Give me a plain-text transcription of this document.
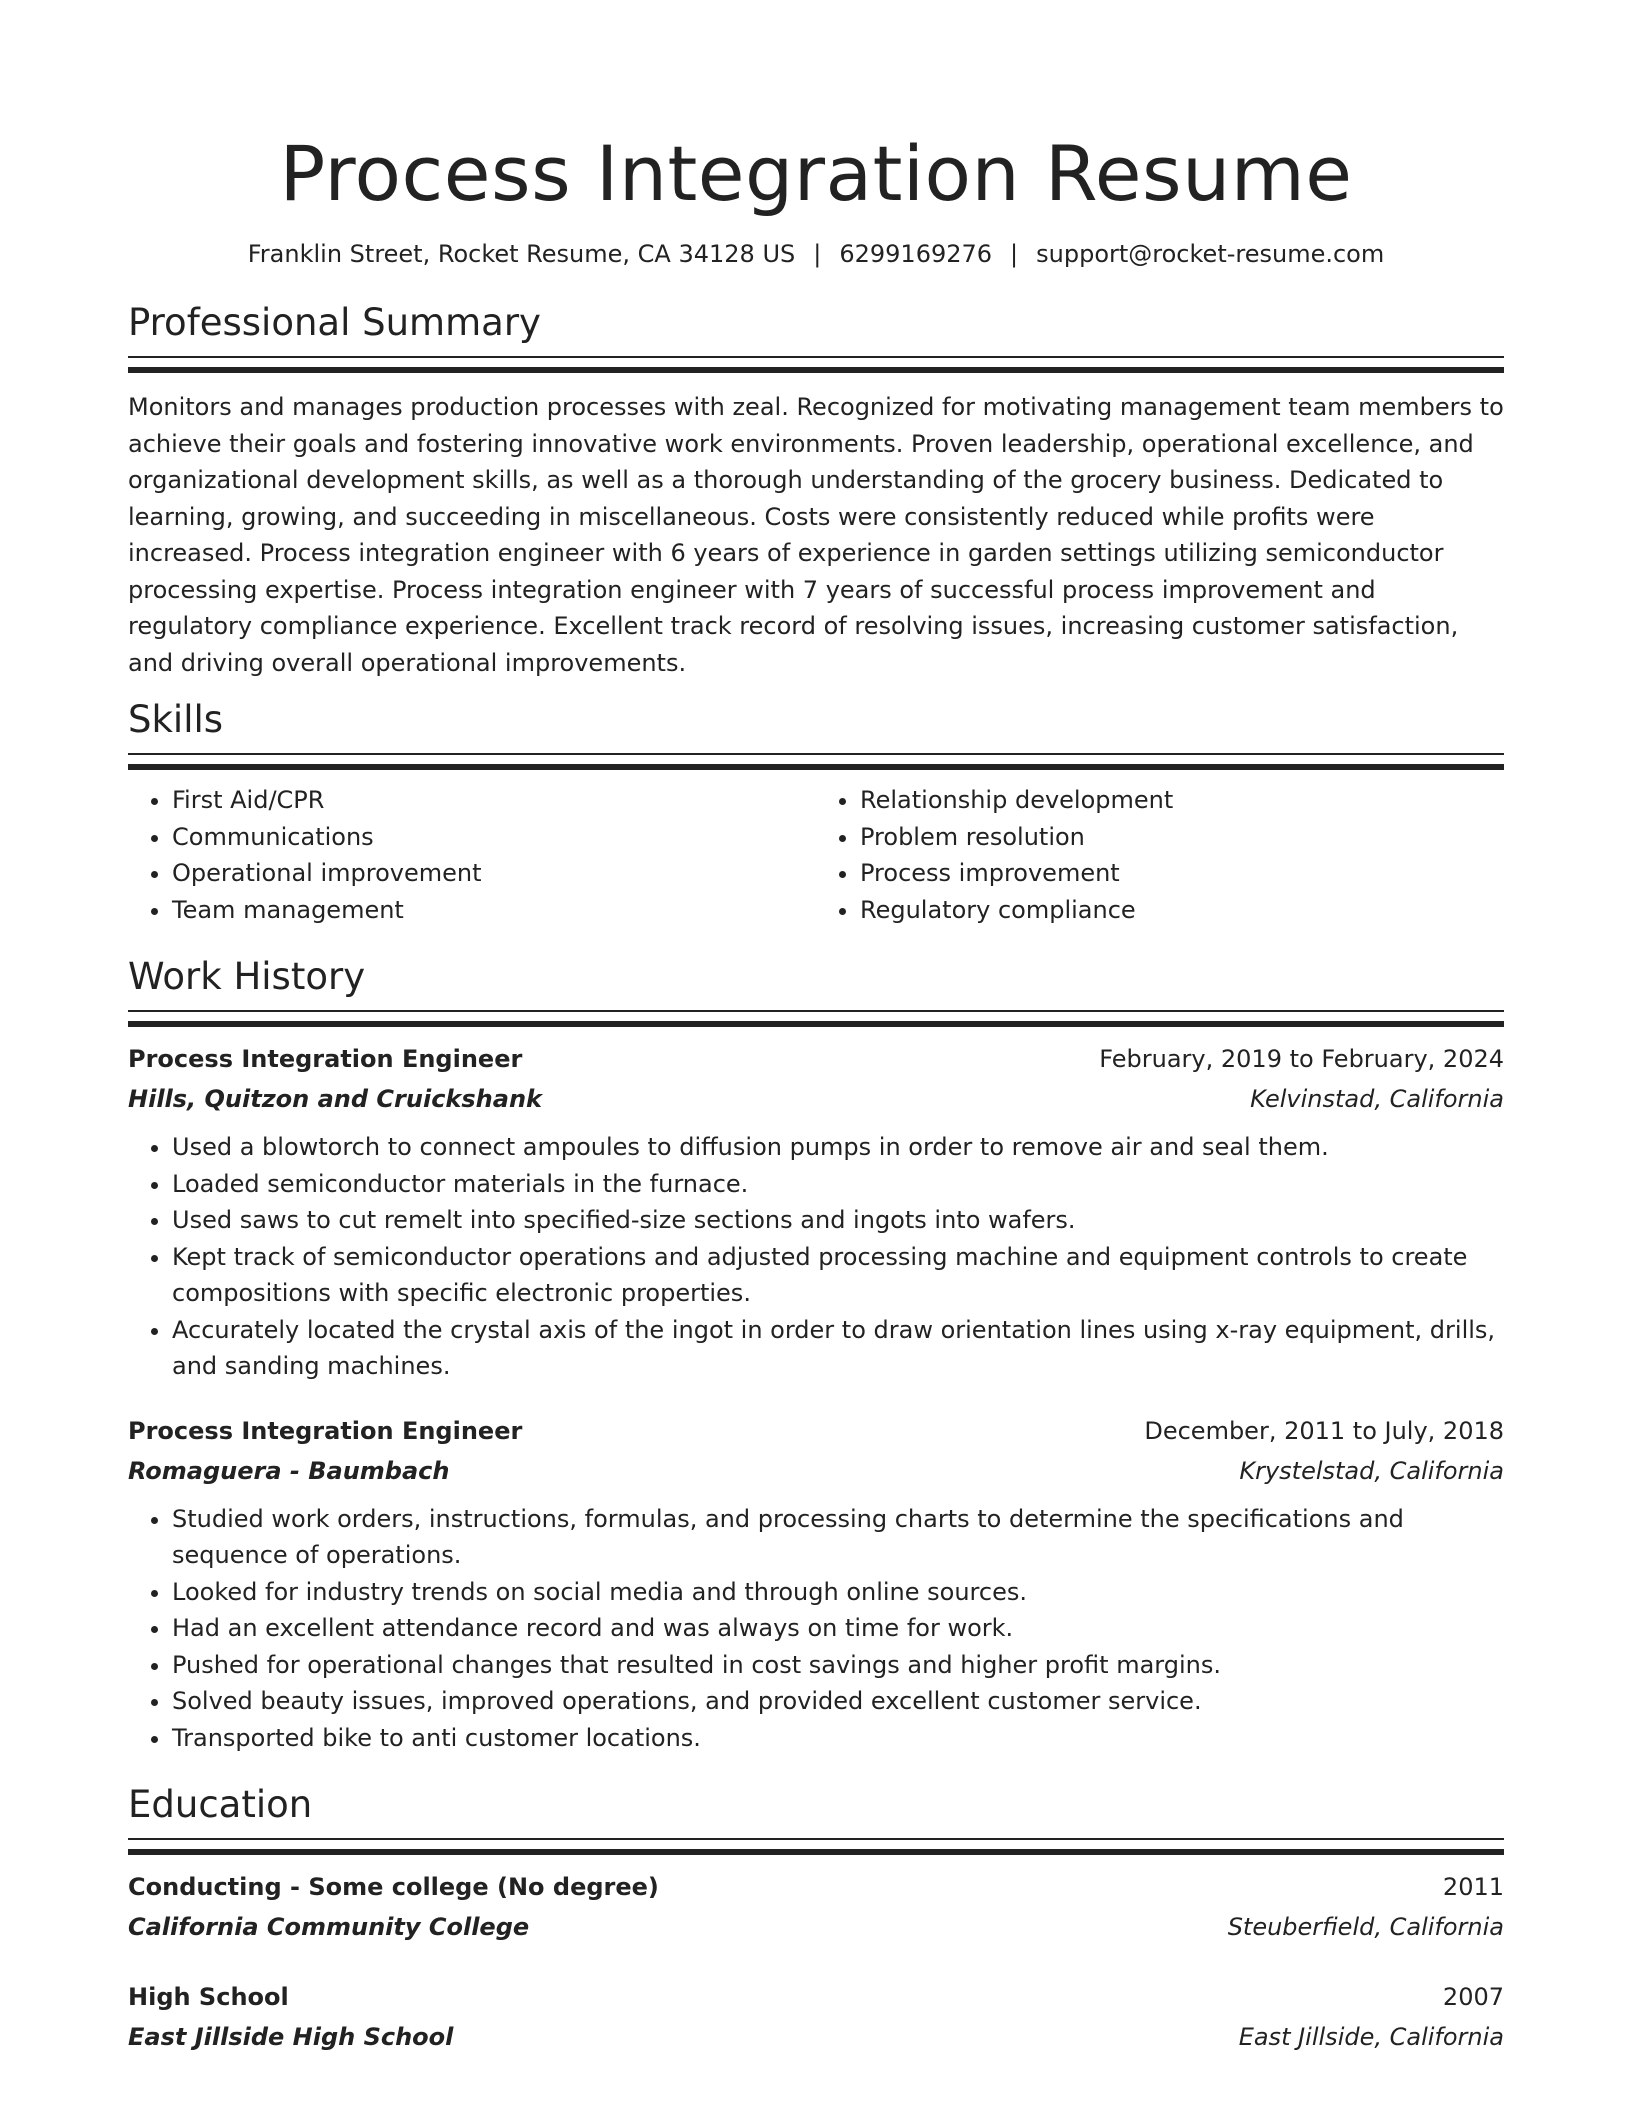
Process Integration Resume
Franklin Street, Rocket Resume, CA 34128 US | 6299169276 | support@rocket-resume.com
Professional Summary

Monitors and manages production processes with zeal. Recognized for motivating management team members to achieve their goals and fostering innovative work environments. Proven leadership, operational excellence, and organizational development skills, as well as a thorough understanding of the grocery business. Dedicated to learning, growing, and succeeding in miscellaneous. Costs were consistently reduced while profits were increased. Process integration engineer with 6 years of experience in garden settings utilizing semiconductor processing expertise. Process integration engineer with 7 years of successful process improvement and regulatory compliance experience. Excellent track record of resolving issues, increasing customer satisfaction, and driving overall operational improvements.

Skills
• First Aid/CPR
• Communications
• Operational improvement
• Team management
• Relationship development
• Problem resolution
• Process improvement
• Regulatory compliance
Work History
Process Integration Engineer	February, 2019 to February, 2024
Hills, Quitzon and Cruickshank	Kelvinstad, California
• Used a blowtorch to connect ampoules to diffusion pumps in order to remove air and seal them.
• Loaded semiconductor materials in the furnace.
• Used saws to cut remelt into specified-size sections and ingots into wafers.
• Kept track of semiconductor operations and adjusted processing machine and equipment controls to create compositions with specific electronic properties.
• Accurately located the crystal axis of the ingot in order to draw orientation lines using x-ray equipment, drills, and sanding machines.
Process Integration Engineer	December, 2011 to July, 2018
Romaguera - Baumbach	Krystelstad, California
• Studied work orders, instructions, formulas, and processing charts to determine the specifications and sequence of operations.
• Looked for industry trends on social media and through online sources.
• Had an excellent attendance record and was always on time for work.
• Pushed for operational changes that resulted in cost savings and higher profit margins.
• Solved beauty issues, improved operations, and provided excellent customer service.
• Transported bike to anti customer locations.
Education
Conducting - Some college (No degree)	2011
California Community College	Steuberfield, California
High School	2007
East Jillside High School	East Jillside, California
